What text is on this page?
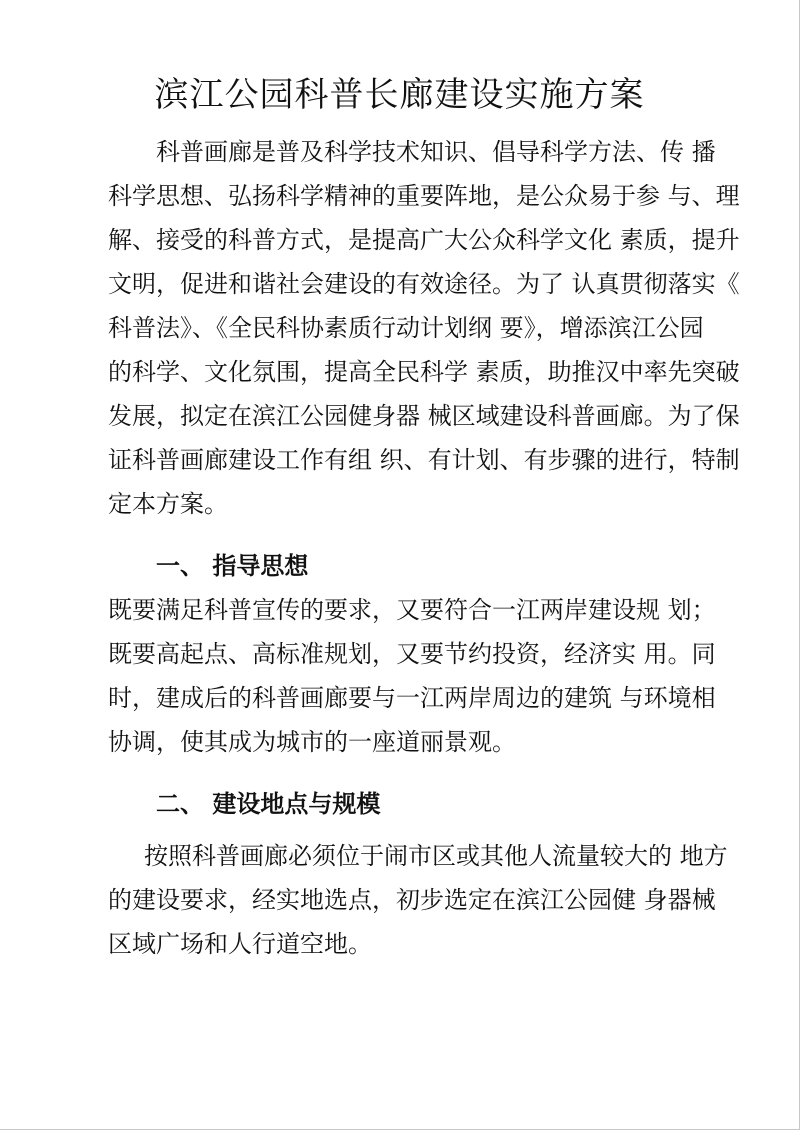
滨江公园科普长廊建设实施方案

科普画廊是普及科学技术知识、倡导科学方法、传 播

科学思想、弘扬科学精神的重要阵地，是公众易于参 与、理

解、接受的科普方式，是提高广大公众科学文化 素质，提升

文明，促进和谐社会建设的有效途径。为了 认真贯彻落实《

科普法》、《全民科协素质行动计划纲 要》，增添滨江公园

的科学、文化氛围，提高全民科学 素质，助推汉中率先突破

发展，拟定在滨江公园健身器 械区域建设科普画廊。为了保

证科普画廊建设工作有组 织、有计划、有步骤的进行，特制

定本方案。

一、 指导思想

既要满足科普宣传的要求，又要符合一江两岸建设规 划；

既要高起点、高标准规划，又要节约投资，经济实 用。同

时，建成后的科普画廊要与一江两岸周边的建筑 与环境相

协调，使其成为城市的一座道丽景观。

二、 建设地点与规模

按照科普画廊必须位于闹市区或其他人流量较大的 地方

的建设要求，经实地选点，初步选定在滨江公园健 身器械

区域广场和人行道空地。
